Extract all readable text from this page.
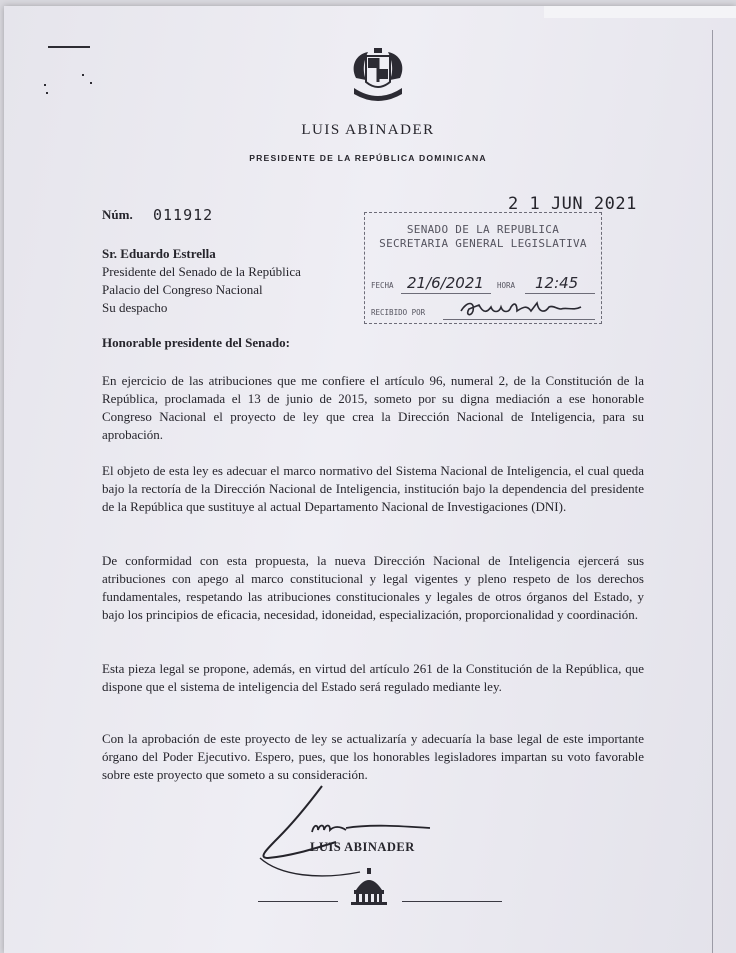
LUIS ABINADER
PRESIDENTE DE LA REPÚBLICA DOMINICANA
2 1 JUN 2021
Núm. 011912
SENADO DE LA REPUBLICA
SECRETARIA GENERAL LEGISLATIVA
FECHA 21/6/2021 HORA 12:45
RECIBIDO POR
Sr. Eduardo Estrella
Presidente del Senado de la República
Palacio del Congreso Nacional
Su despacho
Honorable presidente del Senado:

En ejercicio de las atribuciones que me confiere el artículo 96, numeral 2, de la Constitución de la República, proclamada el 13 de junio de 2015, someto por su digna mediación a ese honorable Congreso Nacional el proyecto de ley que crea la Dirección Nacional de Inteligencia, para su aprobación.

El objeto de esta ley es adecuar el marco normativo del Sistema Nacional de Inteligencia, el cual queda bajo la rectoría de la Dirección Nacional de Inteligencia, institución bajo la dependencia del presidente de la República que sustituye al actual Departamento Nacional de Investigaciones (DNI).

De conformidad con esta propuesta, la nueva Dirección Nacional de Inteligencia ejercerá sus atribuciones con apego al marco constitucional y legal vigentes y pleno respeto de los derechos fundamentales, respetando las atribuciones constitucionales y legales de otros órganos del Estado, y bajo los principios de eficacia, necesidad, idoneidad, especialización, proporcionalidad y coordinación.

Esta pieza legal se propone, además, en virtud del artículo 261 de la Constitución de la República, que dispone que el sistema de inteligencia del Estado será regulado mediante ley.

Con la aprobación de este proyecto de ley se actualizaría y adecuaría la base legal de este importante órgano del Poder Ejecutivo. Espero, pues, que los honorables legisladores impartan su voto favorable sobre este proyecto que someto a su consideración.

LUIS ABINADER
